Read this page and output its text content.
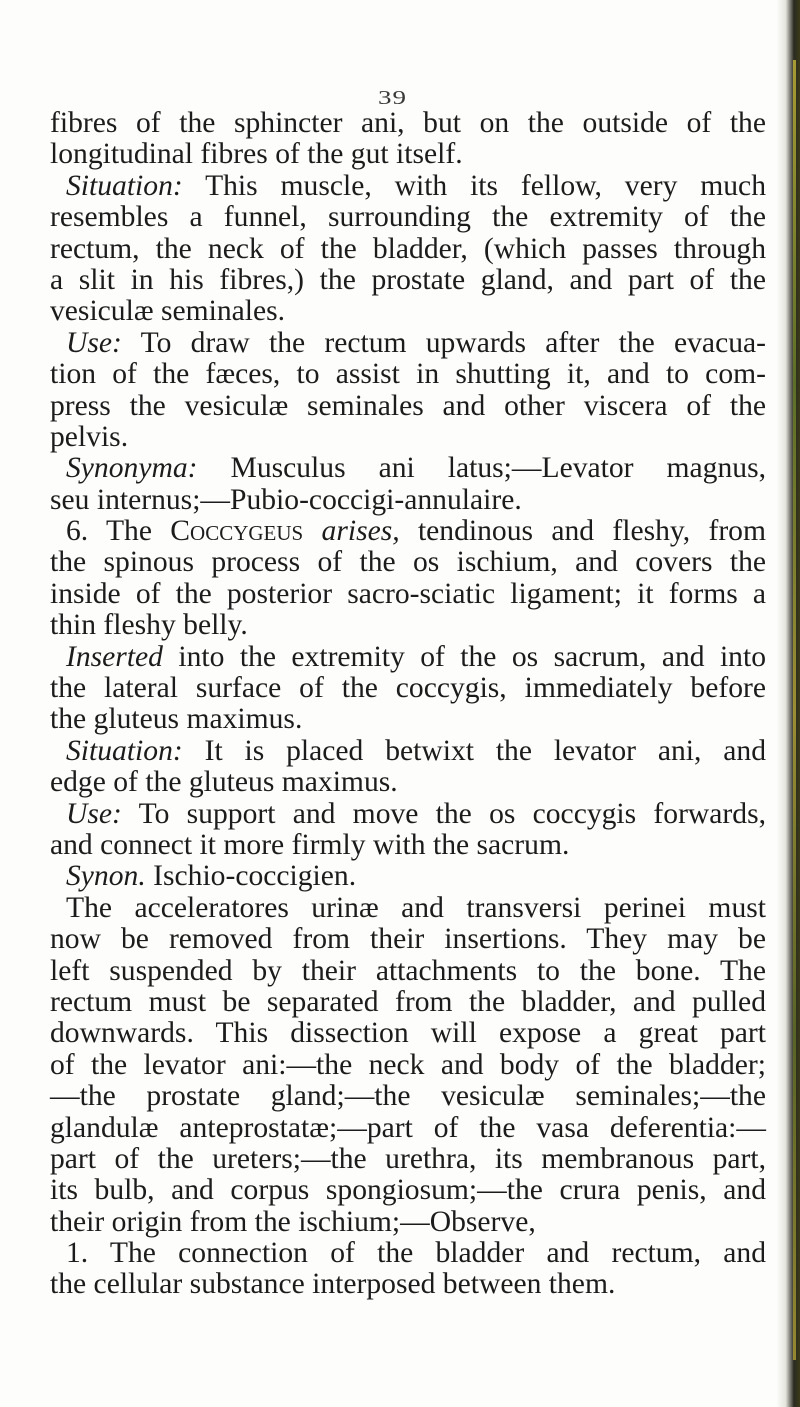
39
fibres of the sphincter ani, but on the outside of the
longitudinal fibres of the gut itself.
Situation: This muscle, with its fellow, very much
resembles a funnel, surrounding the extremity of the
rectum, the neck of the bladder, (which passes through
a slit in his fibres,) the prostate gland, and part of the
vesiculæ seminales.
Use: To draw the rectum upwards after the evacua-
tion of the fæces, to assist in shutting it, and to com-
press the vesiculæ seminales and other viscera of the
pelvis.
Synonyma: Musculus ani latus;—Levator magnus,
seu internus;—Pubio-coccigi-annulaire.
6. The Coccygeus arises, tendinous and fleshy, from
the spinous process of the os ischium, and covers the
inside of the posterior sacro-sciatic ligament; it forms a
thin fleshy belly.
Inserted into the extremity of the os sacrum, and into
the lateral surface of the coccygis, immediately before
the gluteus maximus.
Situation: It is placed betwixt the levator ani, and
edge of the gluteus maximus.
Use: To support and move the os coccygis forwards,
and connect it more firmly with the sacrum.
Synon. Ischio-coccigien.
The acceleratores urinæ and transversi perinei must
now be removed from their insertions. They may be
left suspended by their attachments to the bone. The
rectum must be separated from the bladder, and pulled
downwards. This dissection will expose a great part
of the levator ani:—the neck and body of the bladder;
—the prostate gland;—the vesiculæ seminales;—the
glandulæ anteprostatæ;—part of the vasa deferentia:—
part of the ureters;—the urethra, its membranous part,
its bulb, and corpus spongiosum;—the crura penis, and
their origin from the ischium;—Observe,
1. The connection of the bladder and rectum, and
the cellular substance interposed between them.
